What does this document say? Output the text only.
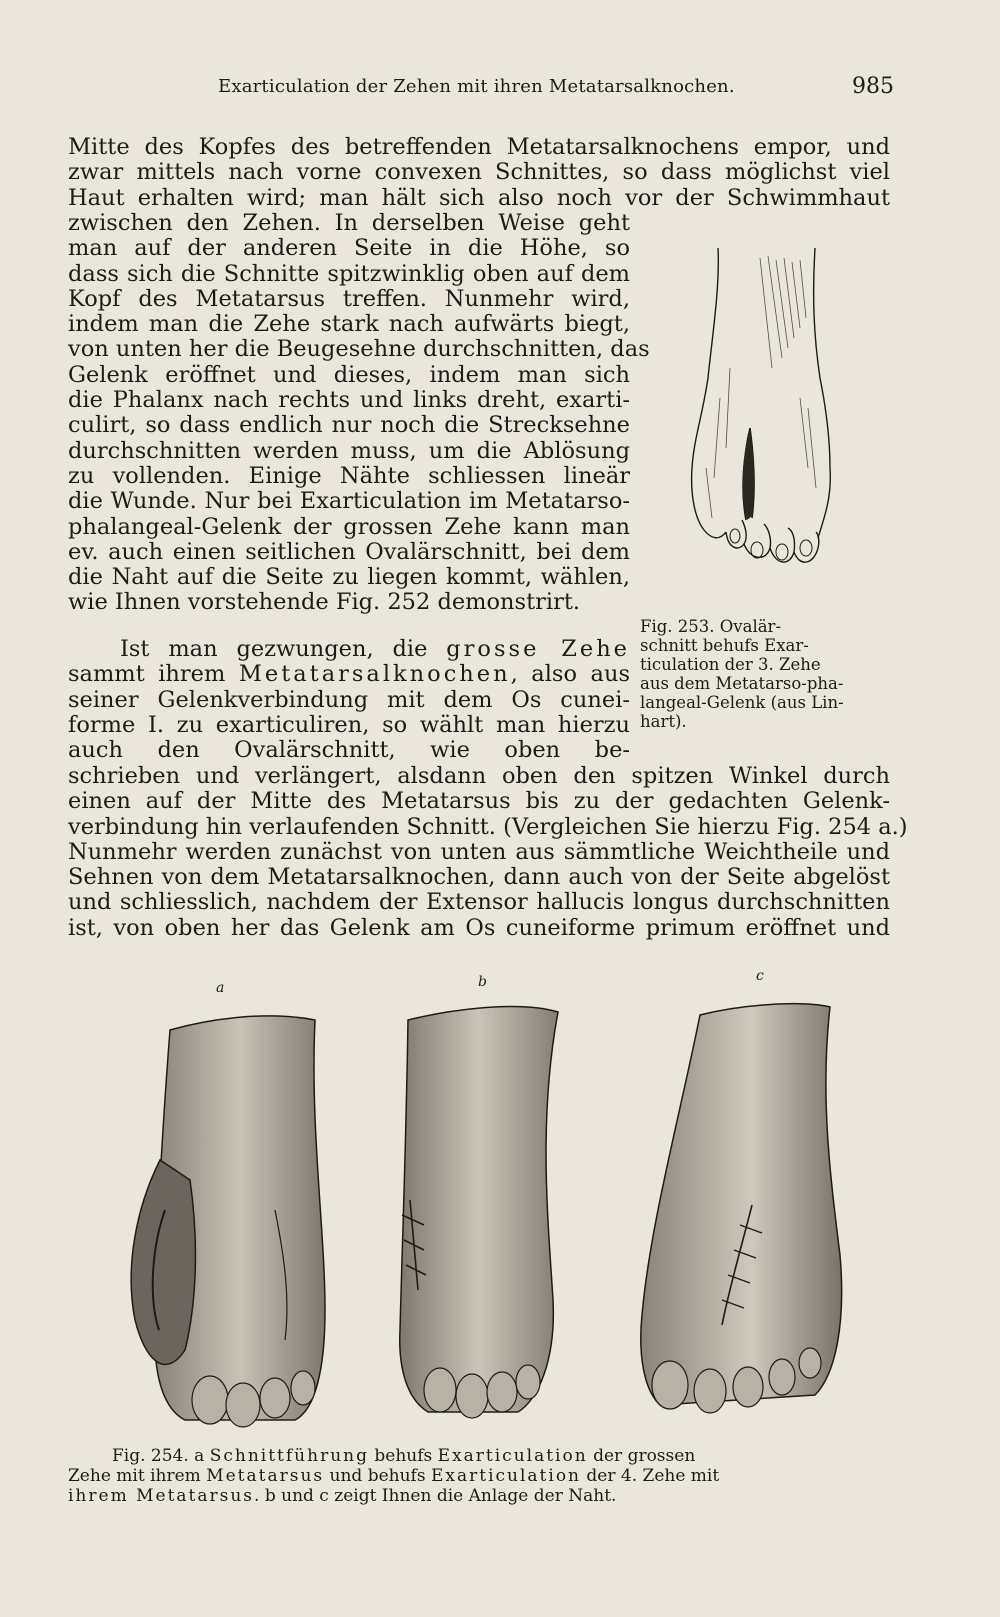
Exarticulation der Zehen mit ihren Metatarsalknochen.	985
Mitte des Kopfes des betreffenden Metatarsalknochens empor, und
zwar mittels nach vorne convexen Schnittes, so dass möglichst viel
Haut erhalten wird; man hält sich also noch vor der Schwimmhaut
zwischen den Zehen. In derselben Weise geht
man auf der anderen Seite in die Höhe, so
dass sich die Schnitte spitzwinklig oben auf dem
Kopf des Metatarsus treffen. Nunmehr wird,
indem man die Zehe stark nach aufwärts biegt,
von unten her die Beugesehne durchschnitten, das
Gelenk eröffnet und dieses, indem man sich
die Phalanx nach rechts und links dreht, exarti-
culirt, so dass endlich nur noch die Strecksehne
durchschnitten werden muss, um die Ablösung
zu vollenden. Einige Nähte schliessen lineär
die Wunde. Nur bei Exarticulation im Metatarso-
phalangeal-Gelenk der grossen Zehe kann man
ev. auch einen seitlichen Ovalärschnitt, bei dem
die Naht auf die Seite zu liegen kommt, wählen,
wie Ihnen vorstehende Fig. 252 demonstrirt.
Ist man gezwungen, die grosse Zehe
sammt ihrem Metatarsalknochen, also aus
seiner Gelenkverbindung mit dem Os cunei-
forme I. zu exarticuliren, so wählt man hierzu
auch den Ovalärschnitt, wie oben be-
schrieben und verlängert, alsdann oben den spitzen Winkel durch
einen auf der Mitte des Metatarsus bis zu der gedachten Gelenk-
verbindung hin verlaufenden Schnitt. (Vergleichen Sie hierzu Fig. 254 a.)
Nunmehr werden zunächst von unten aus sämmtliche Weichtheile und
Sehnen von dem Metatarsalknochen, dann auch von der Seite abgelöst
und schliesslich, nachdem der Extensor hallucis longus durchschnitten
ist, von oben her das Gelenk am Os cuneiforme primum eröffnet und
Fig. 253. Ovalär-
schnitt behufs Exar-
ticulation der 3. Zehe
aus dem Metatarso-pha-
langeal-Gelenk (aus Lin-
hart).
a	b	c
Fig. 254. a Schnittführung behufs Exarticulation der grossen
Zehe mit ihrem Metatarsus und behufs Exarticulation der 4. Zehe mit
ihrem Metatarsus. b und c zeigt Ihnen die Anlage der Naht.
